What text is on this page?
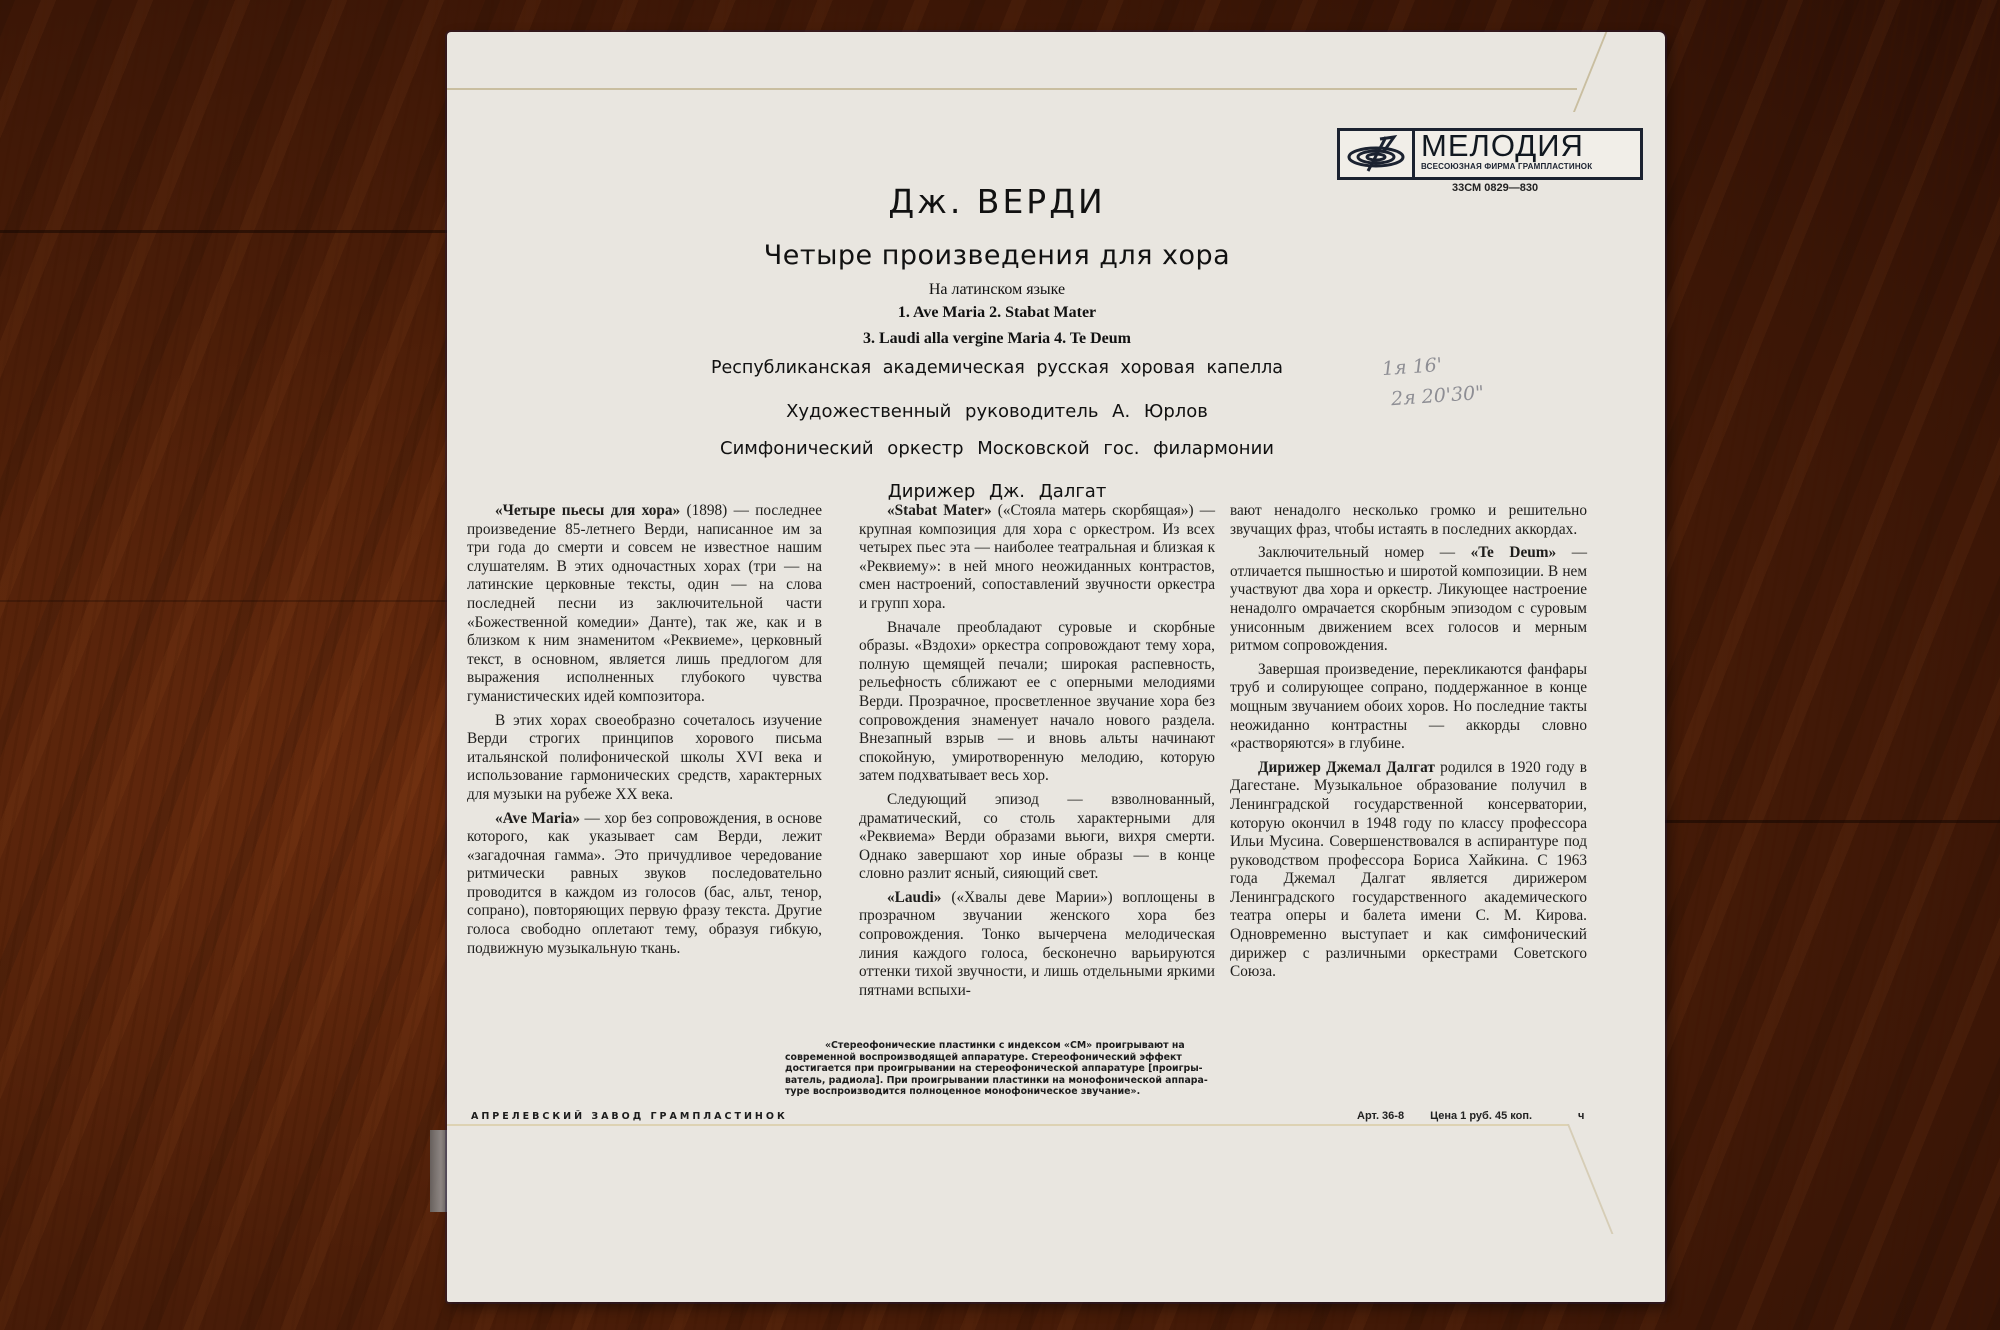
МЕЛОДИЯ
ВСЕСОЮЗНАЯ ФИРМА ГРАМПЛАСТИНОК
33СМ 0829—830
Дж. ВЕРДИ
Четыре произведения для хора
На латинском языке
1. Ave Maria 2. Stabat Mater
3. Laudi alla vergine Maria 4. Te Deum
Республиканская академическая русская хоровая капелла
Художественный руководитель А. Юрлов
Симфонический оркестр Московской гос. филармонии
Дирижер Дж. Далгат
1я 16'
2я 20'30"

«Четыре пьесы для хора» (1898) — последнее произведение 85-летнего Верди, написанное им за три года до смерти и совсем не известное нашим слушателям. В этих одночастных хорах (три — на латинские церковные тексты, один — на слова последней песни из заключительной части «Божественной комедии» Данте), так же, как и в близком к ним знаменитом «Реквиеме», церковный текст, в основном, является лишь предлогом для выражения исполненных глубокого чувства гуманистических идей композитора.

В этих хорах своеобразно сочеталось изучение Верди строгих принципов хорового письма итальянской полифонической школы XVI века и использование гармонических средств, характерных для музыки на рубеже XX века.

«Ave Maria» — хор без сопровождения, в основе которого, как указывает сам Верди, лежит «загадочная гамма». Это причудливое чередование ритмически равных звуков последовательно проводится в каждом из голосов (бас, альт, тенор, сопрано), повторяющих первую фразу текста. Другие голоса свободно оплетают тему, образуя гибкую, подвижную музыкальную ткань.

«Stabat Mater» («Стояла матерь скорбящая») — крупная композиция для хора с оркестром. Из всех четырех пьес эта — наиболее театральная и близкая к «Реквиему»: в ней много неожиданных контрастов, смен настроений, сопоставлений звучности оркестра и групп хора.

Вначале преобладают суровые и скорбные образы. «Вздохи» оркестра сопровождают тему хора, полную щемящей печали; широкая распевность, рельефность сближают ее с оперными мелодиями Верди. Прозрачное, просветленное звучание хора без сопровождения знаменует начало нового раздела. Внезапный взрыв — и вновь альты начинают спокойную, умиротворенную мелодию, которую затем подхватывает весь хор.

Следующий эпизод — взволнованный, драматический, со столь характерными для «Реквиема» Верди образами вьюги, вихря смерти. Однако завершают хор иные образы — в конце словно разлит ясный, сияющий свет.

«Laudi» («Хвалы деве Марии») воплощены в прозрачном звучании женского хора без сопровождения. Тонко вычерчена мелодическая линия каждого голоса, бесконечно варьируются оттенки тихой звучности, и лишь отдельными яркими пятнами вспыхи-

вают ненадолго несколько громко и решительно звучащих фраз, чтобы истаять в последних аккордах.

Заключительный номер — «Te Deum» — отличается пышностью и широтой композиции. В нем участвуют два хора и оркестр. Ликующее настроение ненадолго омрачается скорбным эпизодом с суровым унисонным движением всех голосов и мерным ритмом сопровождения.

Завершая произведение, перекликаются фанфары труб и солирующее сопрано, поддержанное в конце мощным звучанием обоих хоров. Но последние такты неожиданно контрастны — аккорды словно «растворяются» в глубине.

Дирижер Джемал Далгат родился в 1920 году в Дагестане. Музыкальное образование получил в Ленинградской государственной консерватории, которую окончил в 1948 году по классу профессора Ильи Мусина. Совершенствовался в аспирантуре под руководством профессора Бориса Хайкина. С 1963 года Джемал Далгат является дирижером Ленинградского государственного академического театра оперы и балета имени С. М. Кирова. Одновременно выступает и как симфонический дирижер с различными оркестрами Советского Союза.

«Стереофонические пластинки с индексом «СМ» проигрывают на
современной воспроизводящей аппаратуре. Стереофонический эффект
достигается при проигрывании на стереофонической аппаратуре [проигры-
ватель, радиола]. При проигрывании пластинки на монофонической аппара-
туре воспроизводится полноценное монофоническое звучание».
АПРЕЛЕВСКИЙ ЗАВОД ГРАМПЛАСТИНОК	Арт. 36-8 Цена 1 руб. 45 коп.	ч
